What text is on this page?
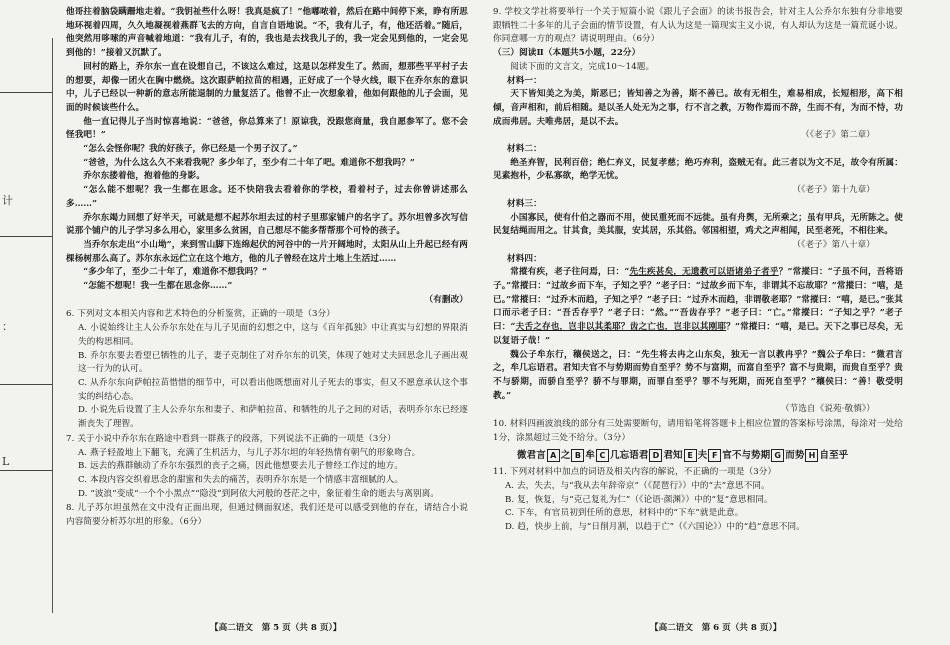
计
：
L

他哥拄着脑袋蹒跚地走着。“我钥祉些什么呀！我真是疯了！”他嘟哝着，然后在路中间停下来，睁有所思地环视着四周，久久地凝视着燕群飞去的方向，自言自语地说。“不，我有儿子，有，他还活着。”随后，他突然用哆嗦的声音喊着地道：“我有儿子，有的，我也是去找我儿子的，我一定会见到他的，一定会见到他的！”接着又沉默了。

回村的路上，乔尔东一直在设想自己，不该这么难过，这是以怎样发生了。然而，想那些平平村子去的想要，却像一团火在胸中燃烧。这次跟萨帕拉苗的相遇，正好成了一个导火线，眼下在乔尔东的意识中，儿子已经以一种新的意志所能退制的力量复活了。他曾不止一次想象着，他如何跟他的儿子会面，见面的时候该些什么。

他一直记得儿子当时惊喜地说：“爸爸，你总算来了！原谅我，没跟您商量，我自愿参军了。您不会怪我吧！”

“怎么会怪你呢？我的好孩子，你已经是一个男子汉了。”

“爸爸，为什么这么久不来看我呢？多少年了，至少有二十年了吧。难道你不想我吗？”

乔尔东搂着他，抱着他的身影。

“怎么能不想呢？我一生都在思念。还不快陪我去看着你的学校，看着村子，过去你曾讲述那么多……”

乔尔东竭力回想了好半天，可就是想不起苏尔坦去过的村子里那家铺户的名字了。苏尔坦曾多次写信说那个铺户的儿子学习多么用心，家里多么贫困，自己想尽不能多帮帮那个可怜的孩子。

当乔尔东走出“小山坳”，来到雪山脚下连绵起伏的河谷中的一片开阔地时，太阳从山上升起已经有两棵杨树那么高了。苏尔东永远伫立在这个地方，他的儿子曾经在这片土地上生活过……

“多少年了，至少二十年了，难道你不想我吗？”

“怎能不想呢！我一生都在思念你……”

（有删改）

6. 下列对文本相关内容和艺术特色的分析鉴赏，正确的一项是（3分）

A. 小说始终让主人公乔尔东处在与儿子见面的幻想之中，这与《百年孤独》中让真实与幻想的界限消失的构思相同。

B. 乔尔东要去看望已牺牲的儿子，妻子克制住了对乔尔东的讥笑，体现了她对丈夫回思念儿子画出观这一行为的认可。

C. 从乔尔东向萨帕拉苗惜惜的细节中，可以看出他既想面对儿子死去的事实，但又不愿意承认这个事实的纠结心态。

D. 小说先后设置了主人公乔尔东和妻子、和萨帕拉苗、和牺牲的儿子之间的对话，表明乔尔东已经逐渐丧失了理智。

7. 关于小说中乔尔东在路途中看到一群燕子的段落，下列说法不正确的一项是（3分）

A. 燕子轻盈地上下翻飞，充满了生机活力，与儿子苏尔坦的年轻热情有朝气的形象吻合。

B. 远去的燕群触动了乔尔东强烈的丧子之痛，因此他想要去儿子曾经工作过的地方。

C. 本段内容交织着思念的甜蜜和失去的痛苦，表明乔尔东是一个情感丰富细腻的人。

D. “波浪”变成“一个个小黑点”“隐没”到阿依大河般的苍茫之中，象征着生命的逝去与离别离。

8. 儿子苏尔坦虽然在文中没有正面出现，但通过侧面叙述，我们还是可以感受到他的存在，请结合小说内容简要分析苏尔坦的形象。（6分）

【高二语文　第 5 页（共 8 页）】

9. 学校文学社将要举行一个关于短篇小说《跟儿子会面》的读书报告会，针对主人公乔尔东独有分非地要跟牺牲二十多年的儿子会面的情节设置，有人认为这是一篇现实主义小说，有人却认为这是一篇荒诞小说。你同意哪一方的观点？请说明理由。（6分）

（三）阅读Ⅱ（本题共5小题，22分）

阅读下面的文言文，完成10～14题。

材料一：

天下皆知美之为美，斯恶已；皆知善之为善，斯不善已。故有无相生，难易相成，长短相形，高下相倾，音声相和，前后相随。是以圣人处无为之事，行不言之教，万物作焉而不辞，生而不有，为而不恃，功成而弗居。夫唯弗居，是以不去。

（《老子》第二章）

材料二：

绝圣弃智，民利百倍；绝仁弃义，民复孝慈；绝巧弃利，盗贼无有。此三者以为文不足，故令有所属：见素抱朴，少私寡欲，绝学无忧。

（《老子》第十九章）

材料三：

小国寡民，使有什伯之器而不用，使民重死而不远徙。虽有舟舆，无所乘之；虽有甲兵，无所陈之。使民复结绳而用之。甘其食，美其服，安其居，乐其俗。邻国相望，鸡犬之声相闻，民至老死，不相往来。

（《老子》第八十章）

材料四：

常摐有疾，老子往问焉，曰：“先生疾甚矣，无遗教可以语诸弟子者乎？”常摐曰：“子虽不问，吾将语子。”常摐曰：“过故乡而下车，子知之乎？”老子曰：“过故乡而下车，非谓其不忘故耶？”常摐曰：“嘻，是已。”常摐曰：“过乔木而趋，子知之乎？”老子曰：“过乔木而趋，非谓敬老耶？”常摐曰：“嘻，是已。”张其口而示老子曰：“吾舌存乎？”老子曰：“然。”“吾齿存乎？”老子曰：“亡。”常摐曰：“子知之乎？”老子曰：“夫舌之存也，岂非以其柔耶？齿之亡也，岂非以其刚耶？”常摐曰：“嘻，是已。天下之事已尽矣，无以复语子哉！”

魏公子牟东行，穰侯送之，曰：“先生将去冉之山东矣，独无一言以教冉乎？”魏公子牟曰：“微君言之，牟几忘语君。君知夫官不与势期而势自至乎？势不与富期，而富自至乎？富不与贵期，而贵自至乎？贵不与骄期，而骄自至乎？骄不与罪期，而罪自至乎？罪不与死期，而死自至乎？”穰侯曰：“善！敬受明教。”

（节选自《说苑·敬慎》）

10. 材料四画波浪线的部分有三处需要断句，请用铅笔将答题卡上相应位置的答案标号涂黑，每涂对一处给1分，涂黑超过三处不给分。（3分）

微君言 A 之 B 牟 C 几忘语君 D 君知 E 夫 F 官不与势期 G 而势 H 自至乎

11. 下列对材料中加点的词语及相关内容的解说，不正确的一项是（3分）

A. 去，失去，与“我从去年辞帝京”（《琵琶行》）中的“去”意思不同。

B. 复，恢复，与“克己复礼为仁”（《论语·颜渊》）中的“复”意思相同。

C. 下车，有官员初到任所的意思，材料中的“下车”就是此意。

D. 趋，快步上前，与“日削月割，以趋于亡”（《六国论》）中的“趋”意思不同。

【高二语文　第 6 页（共 8 页）】
